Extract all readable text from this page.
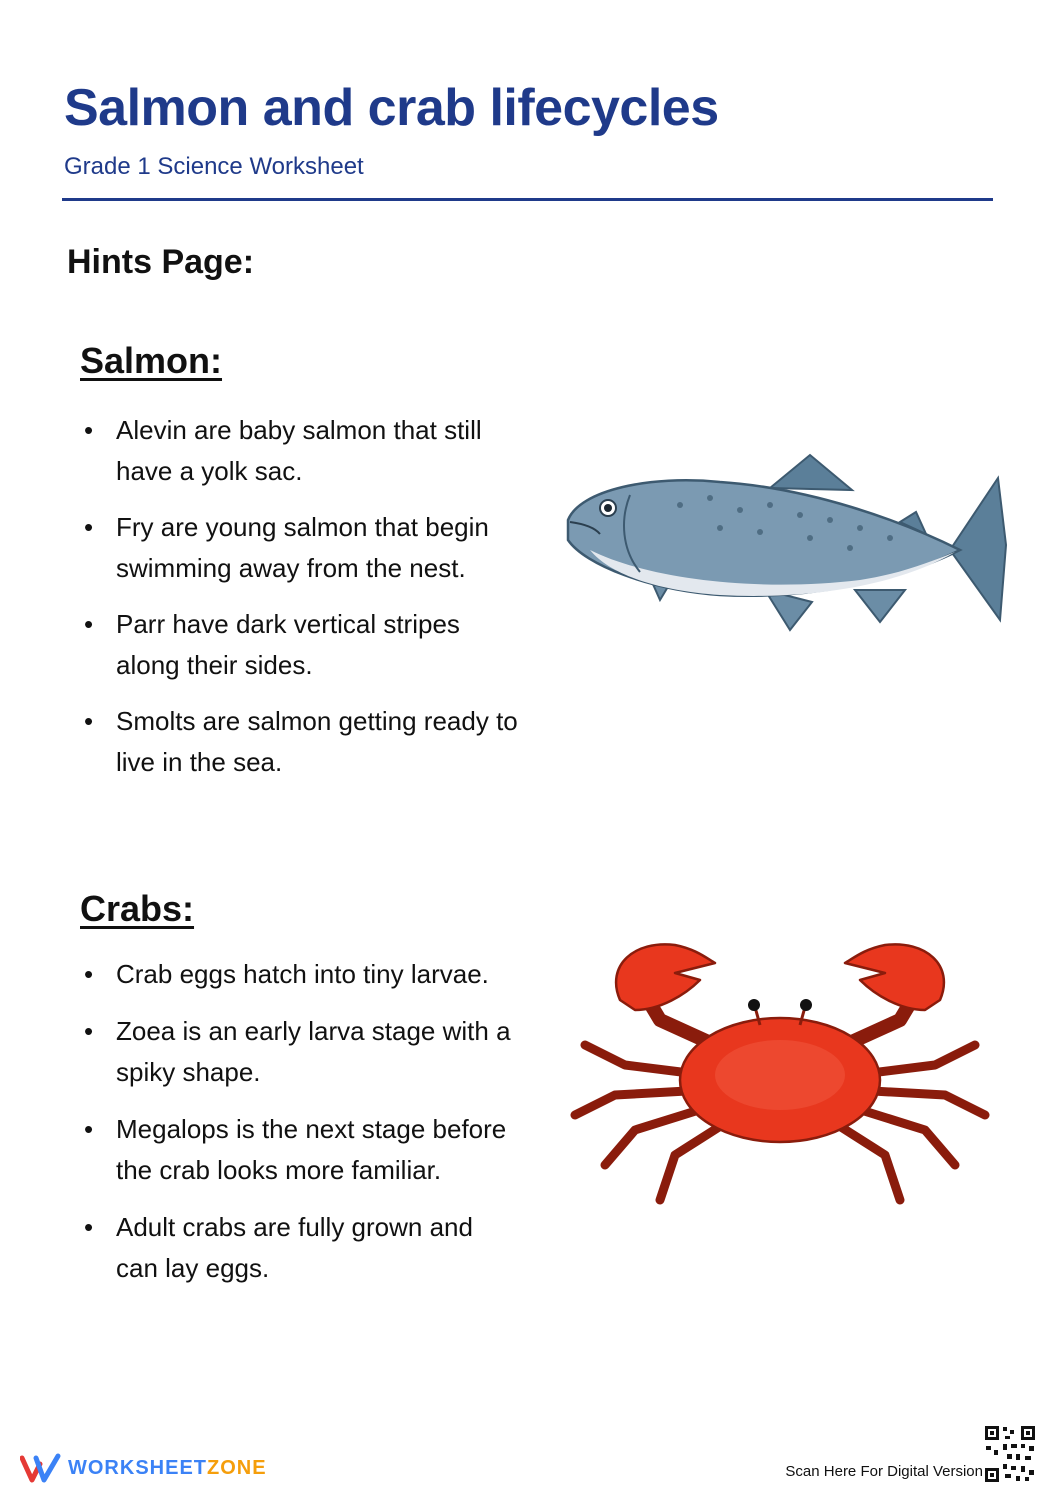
Salmon and crab lifecycles
Grade 1 Science Worksheet
Hints Page:
Salmon:
• Alevin are baby salmon that still have a yolk sac.
• Fry are young salmon that begin swimming away from the nest.
• Parr have dark vertical stripes along their sides.
• Smolts are salmon getting ready to live in the sea.
Crabs:
• Crab eggs hatch into tiny larvae.
• Zoea is an early larva stage with a spiky shape.
• Megalops is the next stage before the crab looks more familiar.
• Adult crabs are fully grown and can lay eggs.
WORKSHEETZONE	Scan Here For Digital Version
